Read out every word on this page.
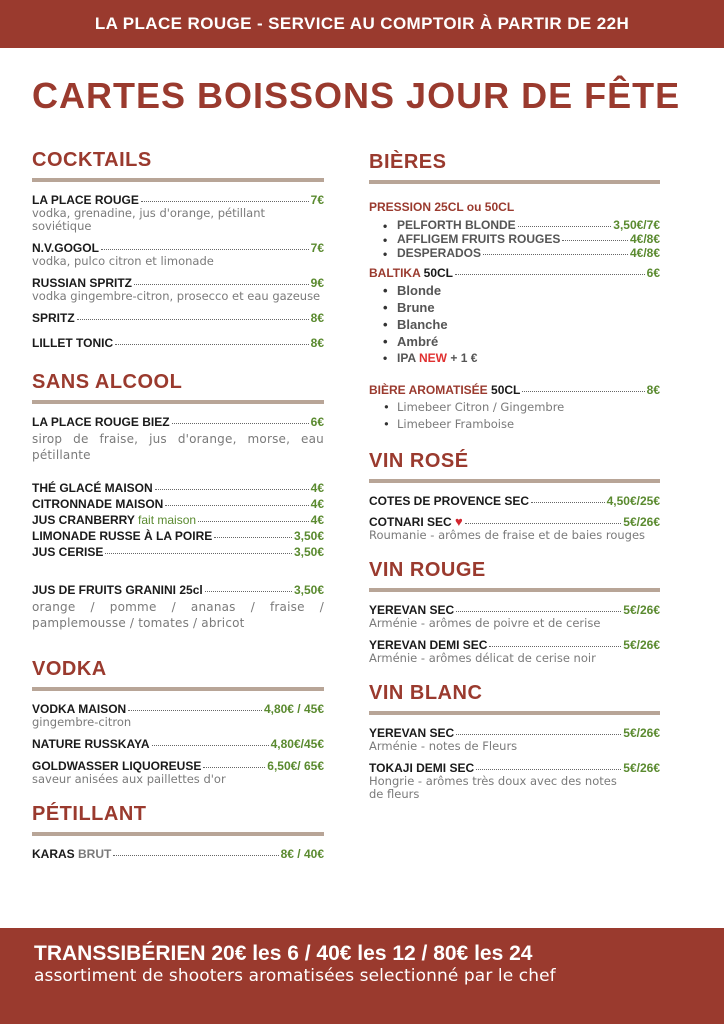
LA PLACE ROUGE - SERVICE AU COMPTOIR À PARTIR DE 22H
CARTES BOISSONS JOUR DE FÊTE
COCKTAILS
LA PLACE ROUGE	7€
vodka, grenadine, jus d'orange, pétillant soviétique
N.V.GOGOL	7€
vodka, pulco citron et limonade
RUSSIAN SPRITZ	9€
vodka gingembre-citron, prosecco et eau gazeuse
SPRITZ	8€
LILLET TONIC	8€
SANS ALCOOL
LA PLACE ROUGE BIEZ	6€
sirop de fraise, jus d'orange, morse, eau pétillante
THÉ GLACÉ MAISON	4€
CITRONNADE MAISON	4€
JUS CRANBERRY fait maison	4€
LIMONADE RUSSE À LA POIRE	3,50€
JUS CERISE	3,50€
JUS DE FRUITS GRANINI 25cl	3,50€
orange / pomme / ananas / fraise / pamplemousse / tomates / abricot
VODKA
VODKA MAISON	4,80€ / 45€
gingembre-citron
NATURE RUSSKAYA	4,80€/45€
GOLDWASSER LIQUOREUSE	6,50€/ 65€
saveur anisées aux paillettes d'or
PÉTILLANT
KARAS BRUT	8€ / 40€
BIÈRES
PRESSION 25CL ou 50CL
• PELFORTH BLONDE	3,50€/7€
• AFFLIGEM FRUITS ROUGES	4€/8€
• DESPERADOS	4€/8€
BALTIKA 50CL	6€
• Blonde
• Brune
• Blanche
• Ambré
• IPA NEW + 1 €
BIÈRE AROMATISÉE 50CL	8€
• Limebeer Citron / Gingembre
• Limebeer Framboise
VIN ROSÉ
COTES DE PROVENCE SEC	4,50€/25€
COTNARI SEC ♥	5€/26€
Roumanie - arômes de fraise et de baies rouges
VIN ROUGE
YEREVAN SEC	5€/26€
Arménie - arômes de poivre et de cerise
YEREVAN DEMI SEC	5€/26€
Arménie - arômes délicat de cerise noir
VIN BLANC
YEREVAN SEC	5€/26€
Arménie - notes de Fleurs
TOKAJI DEMI SEC	5€/26€
Hongrie - arômes très doux avec des notes de fleurs
TRANSSIBÉRIEN 20€ les 6 / 40€ les 12 / 80€ les 24
assortiment de shooters aromatisées selectionné par le chef
